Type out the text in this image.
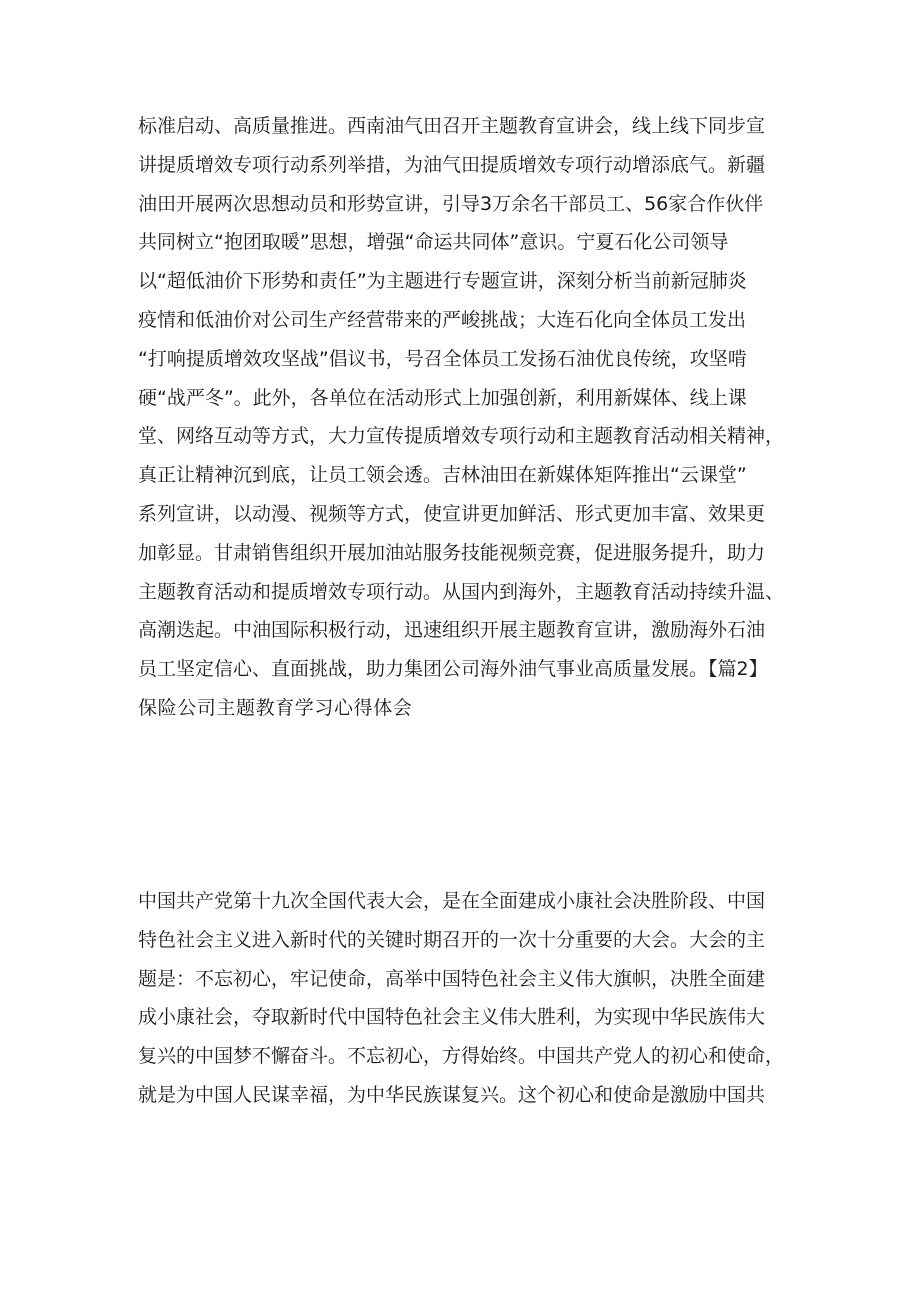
标准启动、高质量推进。西南油气田召开主题教育宣讲会，线上线下同步宣
讲提质增效专项行动系列举措，为油气田提质增效专项行动增添底气。新疆
油田开展两次思想动员和形势宣讲，引导3万余名干部员工、56家合作伙伴
共同树立“抱团取暖”思想，增强“命运共同体”意识。宁夏石化公司领导
以“超低油价下形势和责任”为主题进行专题宣讲，深刻分析当前新冠肺炎
疫情和低油价对公司生产经营带来的严峻挑战；大连石化向全体员工发出
“打响提质增效攻坚战”倡议书，号召全体员工发扬石油优良传统，攻坚啃
硬“战严冬”。此外，各单位在活动形式上加强创新，利用新媒体、线上课
堂、网络互动等方式，大力宣传提质增效专项行动和主题教育活动相关精神，
真正让精神沉到底，让员工领会透。吉林油田在新媒体矩阵推出“云课堂”
系列宣讲，以动漫、视频等方式，使宣讲更加鲜活、形式更加丰富、效果更
加彰显。甘肃销售组织开展加油站服务技能视频竞赛，促进服务提升，助力
主题教育活动和提质增效专项行动。从国内到海外，主题教育活动持续升温、
高潮迭起。中油国际积极行动，迅速组织开展主题教育宣讲，激励海外石油
员工坚定信心、直面挑战，助力集团公司海外油气事业高质量发展。【篇2】
保险公司主题教育学习心得体会
中国共产党第十九次全国代表大会，是在全面建成小康社会决胜阶段、中国
特色社会主义进入新时代的关键时期召开的一次十分重要的大会。大会的主
题是：不忘初心，牢记使命，高举中国特色社会主义伟大旗帜，决胜全面建
成小康社会，夺取新时代中国特色社会主义伟大胜利，为实现中华民族伟大
复兴的中国梦不懈奋斗。不忘初心，方得始终。中国共产党人的初心和使命，
就是为中国人民谋幸福，为中华民族谋复兴。这个初心和使命是激励中国共
